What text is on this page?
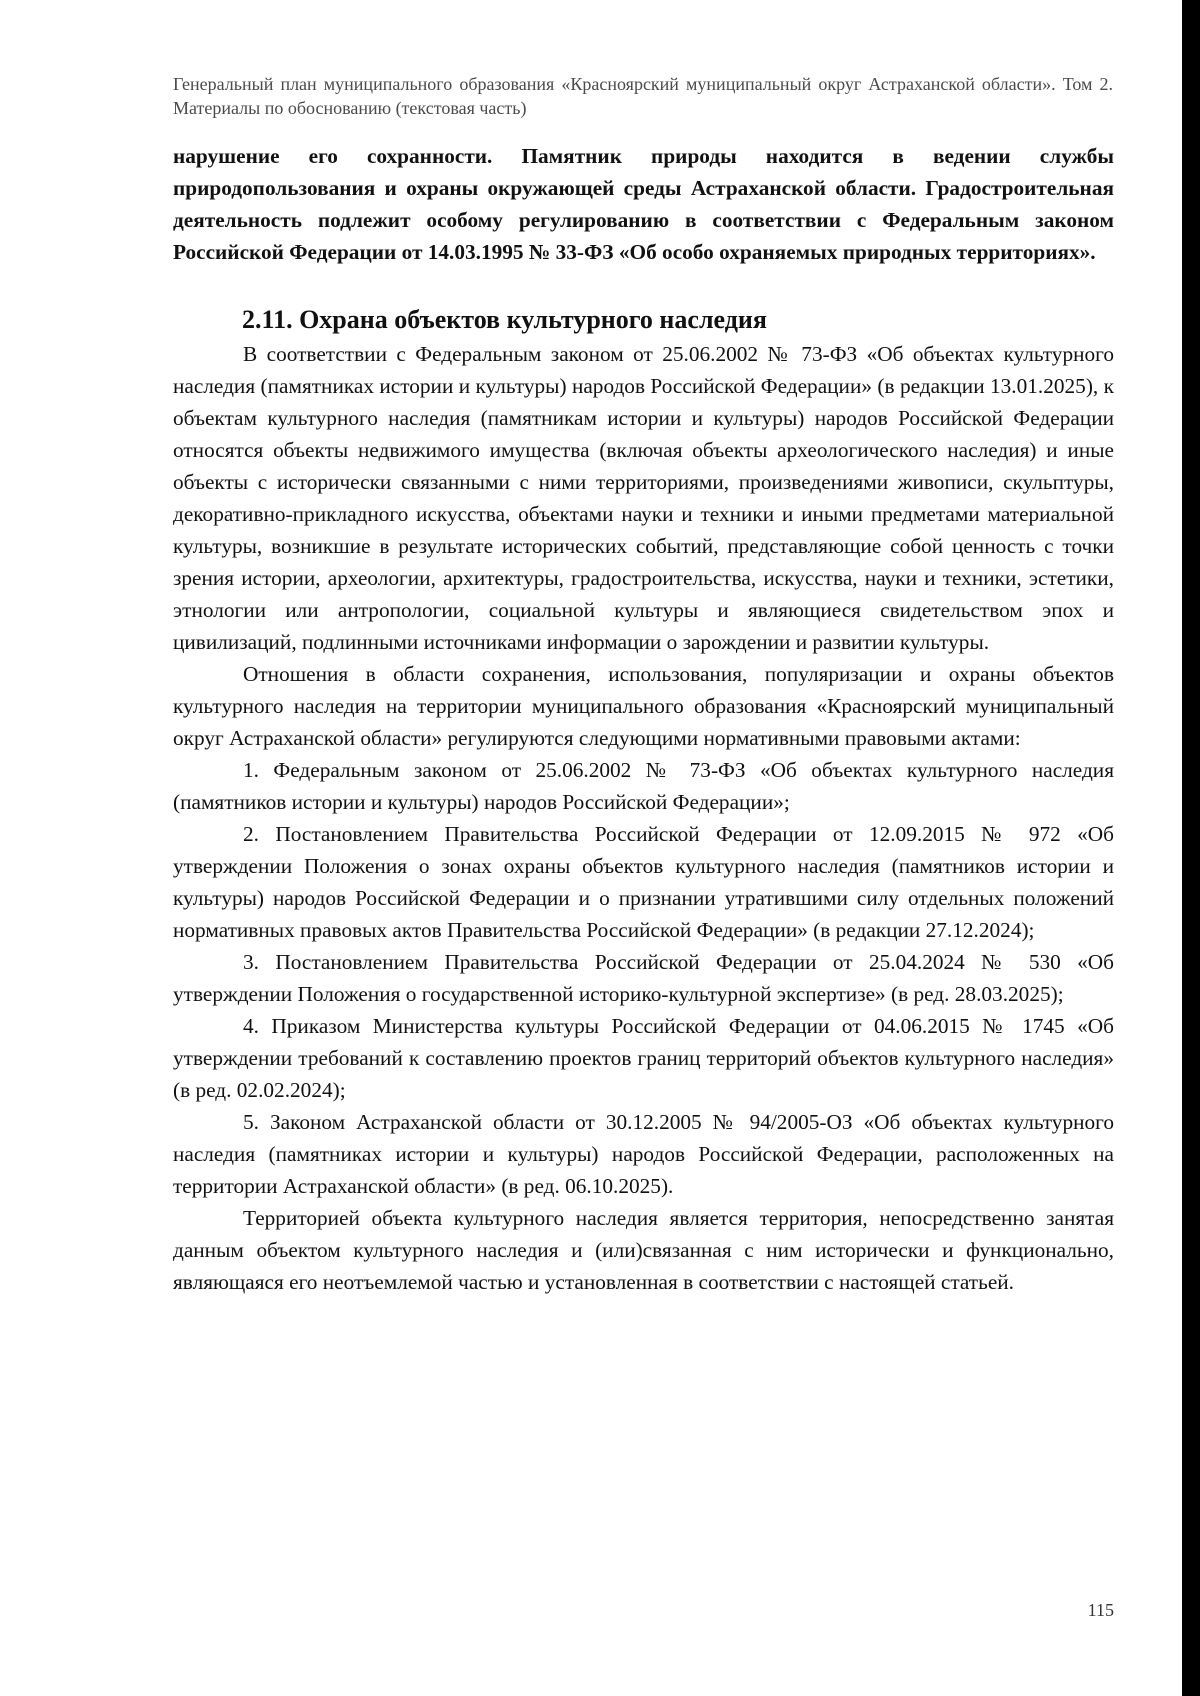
Генеральный план муниципального образования «Красноярский муниципальный округ Астраханской области». Том 2. Материалы по обоснованию (текстовая часть)

нарушение его сохранности. Памятник природы находится в ведении службы природопользования и охраны окружающей среды Астраханской области. Градостроительная деятельность подлежит особому регулированию в соответствии с Федеральным законом Российской Федерации от 14.03.1995 № 33-ФЗ «Об особо охраняемых природных территориях».

2.11. Охрана объектов культурного наследия

В соответствии с Федеральным законом от 25.06.2002 № 73-ФЗ «Об объектах культурного наследия (памятниках истории и культуры) народов Российской Федерации» (в редакции 13.01.2025), к объектам культурного наследия (памятникам истории и культуры) народов Российской Федерации относятся объекты недвижимого имущества (включая объекты археологического наследия) и иные объекты с исторически связанными с ними территориями, произведениями живописи, скульптуры, декоративно-прикладного искусства, объектами науки и техники и иными предметами материальной культуры, возникшие в результате исторических событий, представляющие собой ценность с точки зрения истории, археологии, архитектуры, градостроительства, искусства, науки и техники, эстетики, этнологии или антропологии, социальной культуры и являющиеся свидетельством эпох и цивилизаций, подлинными источниками информации о зарождении и развитии культуры.

Отношения в области сохранения, использования, популяризации и охраны объектов культурного наследия на территории муниципального образования «Красноярский муниципальный округ Астраханской области» регулируются следующими нормативными правовыми актами:

1. Федеральным законом от 25.06.2002 № 73-ФЗ «Об объектах культурного наследия (памятников истории и культуры) народов Российской Федерации»;

2. Постановлением Правительства Российской Федерации от 12.09.2015 № 972 «Об утверждении Положения о зонах охраны объектов культурного наследия (памятников истории и культуры) народов Российской Федерации и о признании утратившими силу отдельных положений нормативных правовых актов Правительства Российской Федерации» (в редакции 27.12.2024);

3. Постановлением Правительства Российской Федерации от 25.04.2024 № 530 «Об утверждении Положения о государственной историко-культурной экспертизе» (в ред. 28.03.2025);

4. Приказом Министерства культуры Российской Федерации от 04.06.2015 № 1745 «Об утверждении требований к составлению проектов границ территорий объектов культурного наследия» (в ред. 02.02.2024);

5. Законом Астраханской области от 30.12.2005 № 94/2005-ОЗ «Об объектах культурного наследия (памятниках истории и культуры) народов Российской Федерации, расположенных на территории Астраханской области» (в ред. 06.10.2025).

Территорией объекта культурного наследия является территория, непосредственно занятая данным объектом культурного наследия и (или)связанная с ним исторически и функционально, являющаяся его неотъемлемой частью и установленная в соответствии с настоящей статьей.

115
